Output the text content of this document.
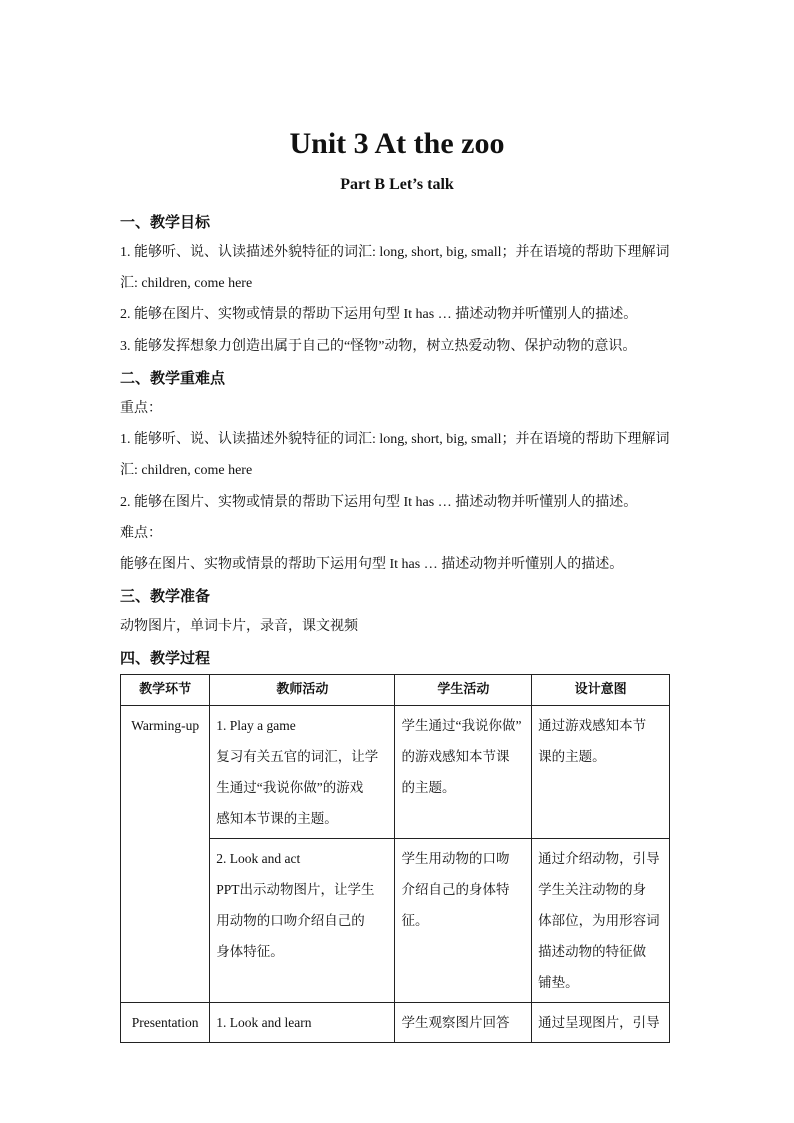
Unit 3 At the zoo
Part B Let’s talk
一、教学目标
1. 能够听、说、认读描述外貌特征的词汇: long, short, big, small；并在语境的帮助下理解词
汇: children, come here
2. 能够在图片、实物或情景的帮助下运用句型 It has … 描述动物并听懂别人的描述。
3. 能够发挥想象力创造出属于自己的“怪物”动物，树立热爱动物、保护动物的意识。
二、教学重难点
重点：
1. 能够听、说、认读描述外貌特征的词汇: long, short, big, small；并在语境的帮助下理解词
汇: children, come here
2. 能够在图片、实物或情景的帮助下运用句型 It has … 描述动物并听懂别人的描述。
难点：
能够在图片、实物或情景的帮助下运用句型 It has … 描述动物并听懂别人的描述。
三、教学准备
动物图片，单词卡片，录音，课文视频
四、教学过程
教学环节	教师活动	学生活动	设计意图

Warming-up	1. Play a game
复习有关五官的词汇，让学
生通过“我说你做”的游戏
感知本节课的主题。	学生通过“我说你做”
的游戏感知本节课
的主题。	通过游戏感知本节
课的主题。

	2. Look and act
PPT出示动物图片，让学生
用动物的口吻介绍自己的
身体特征。	学生用动物的口吻
介绍自己的身体特
征。	通过介绍动物，引导
学生关注动物的身
体部位，为用形容词
描述动物的特征做
铺垫。

Presentation	1. Look and learn	学生观察图片回答	通过呈现图片，引导
